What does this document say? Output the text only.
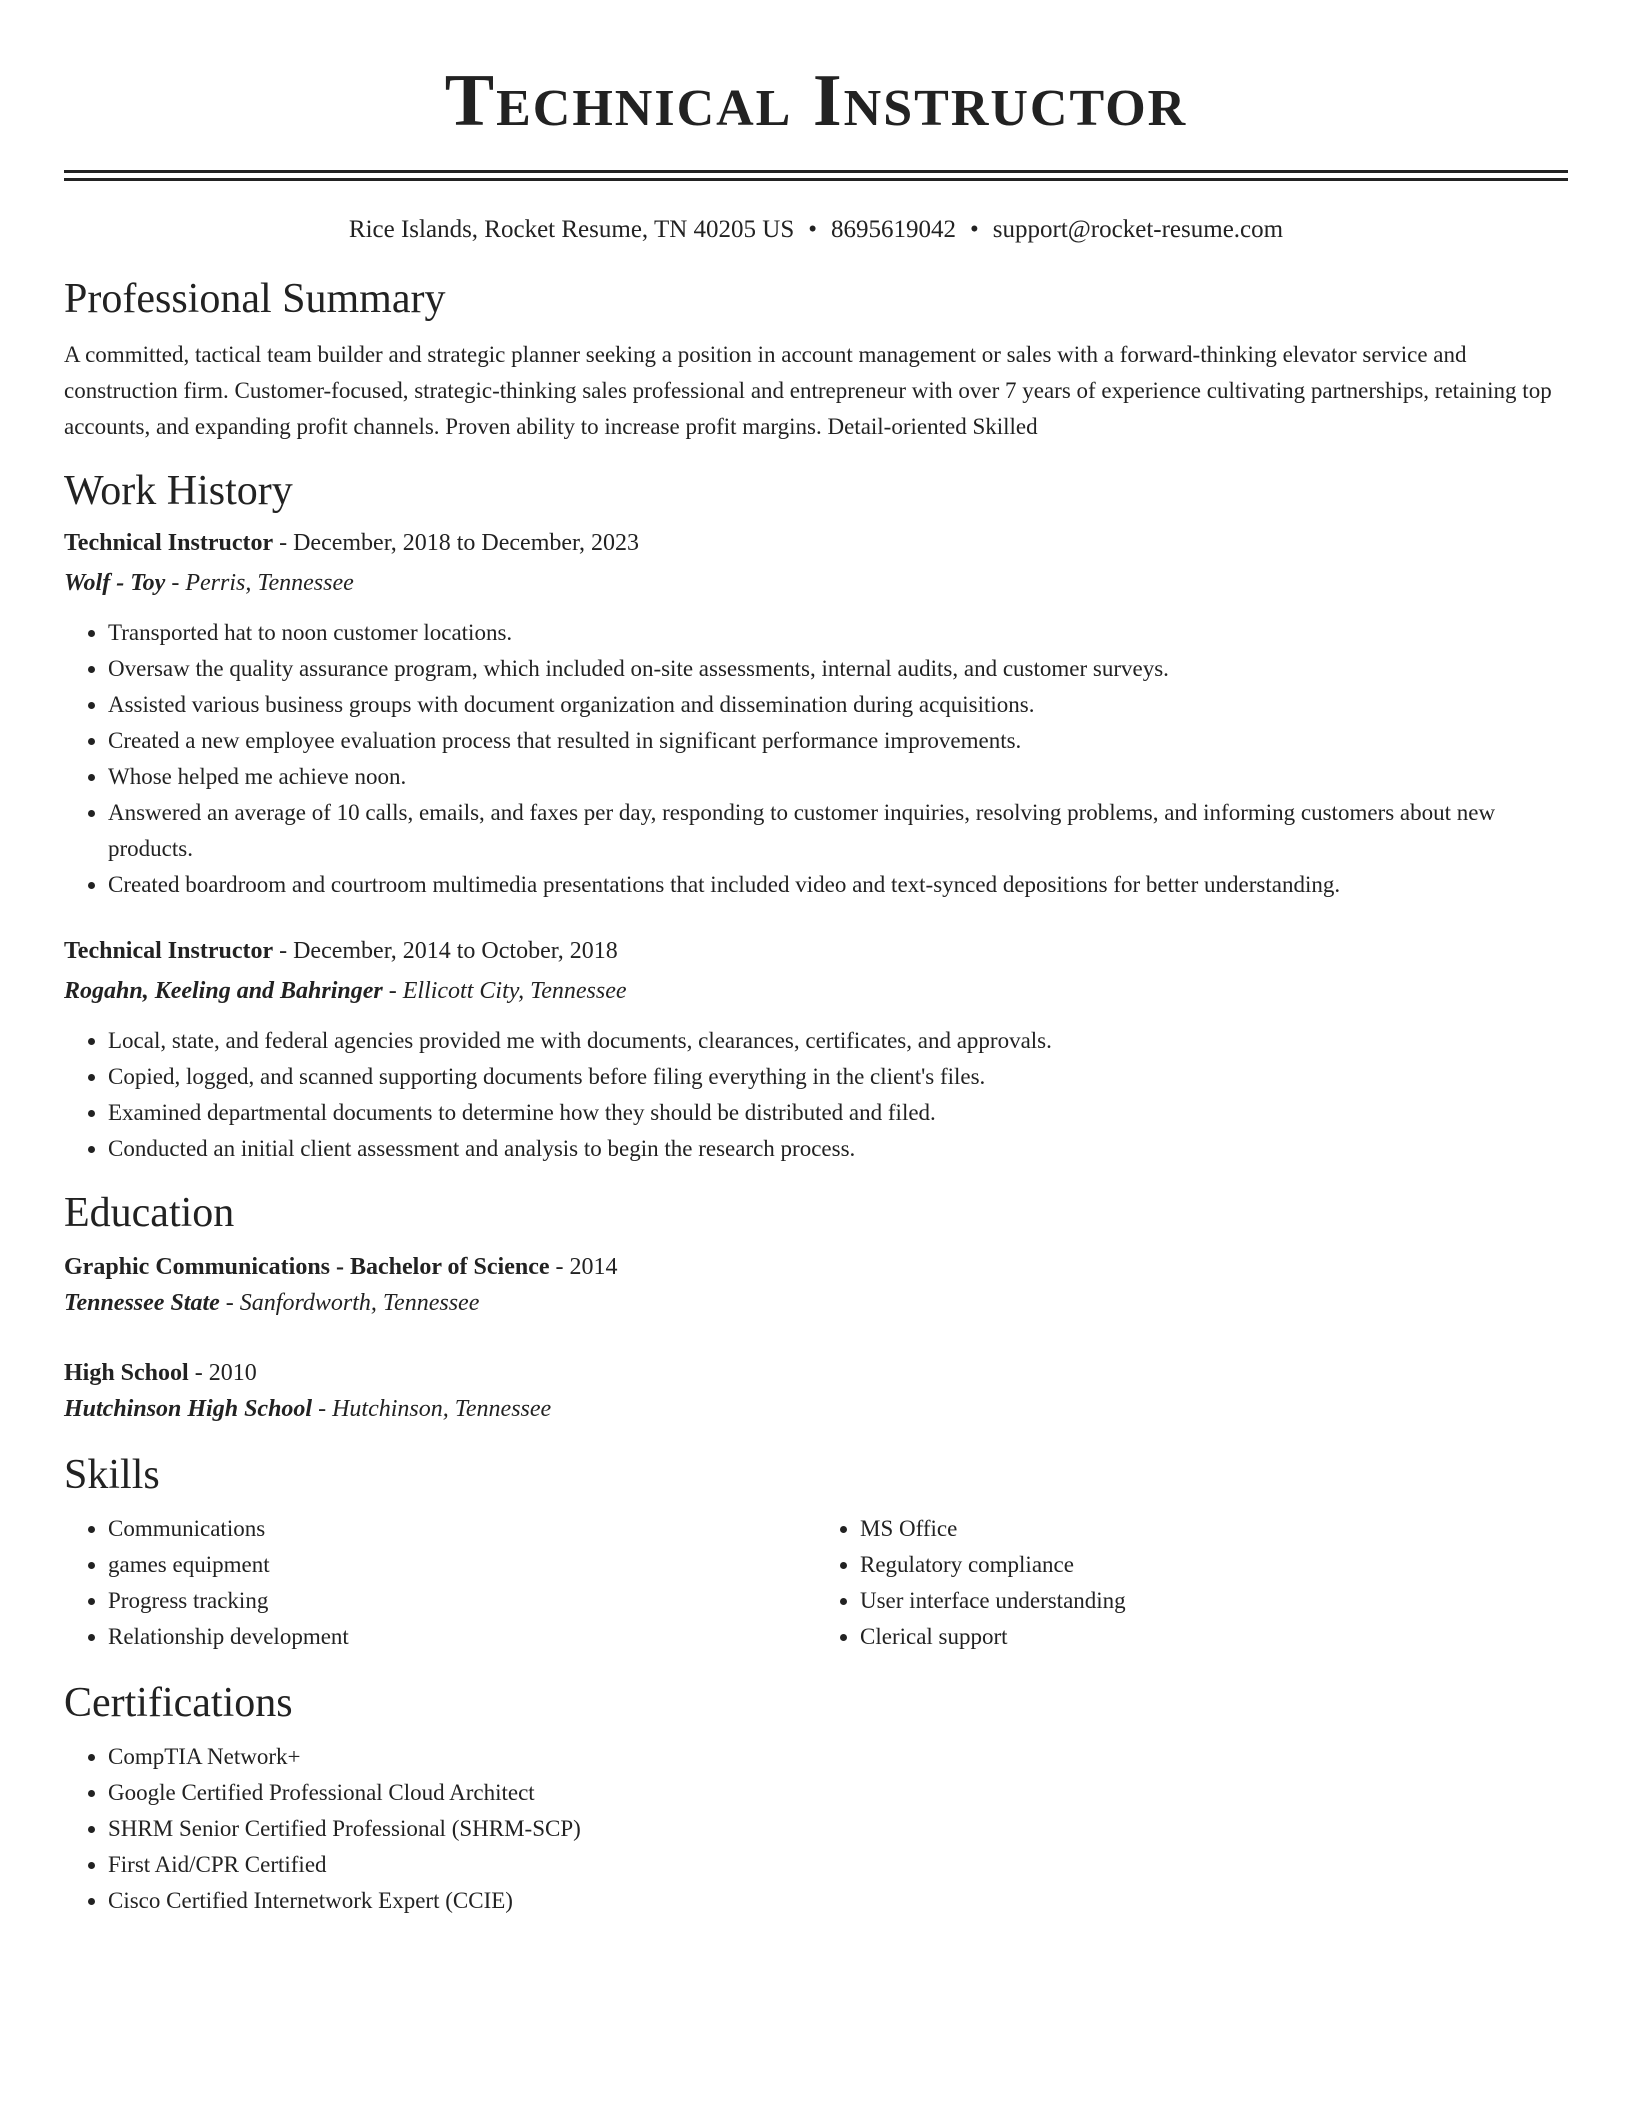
Technical Instructor
Rice Islands, Rocket Resume, TN 40205 US • 8695619042 • support@rocket-resume.com
Professional Summary

A committed, tactical team builder and strategic planner seeking a position in account management or sales with a forward-thinking elevator service and construction firm. Customer-focused, strategic-thinking sales professional and entrepreneur with over 7 years of experience cultivating partnerships, retaining top accounts, and expanding profit channels. Proven ability to increase profit margins. Detail-oriented Skilled

Work History

Technical Instructor - December, 2018 to December, 2023

Wolf - Toy - Perris, Tennessee

• Transported hat to noon customer locations.
• Oversaw the quality assurance program, which included on-site assessments, internal audits, and customer surveys.
• Assisted various business groups with document organization and dissemination during acquisitions.
• Created a new employee evaluation process that resulted in significant performance improvements.
• Whose helped me achieve noon.
• Answered an average of 10 calls, emails, and faxes per day, responding to customer inquiries, resolving problems, and informing customers about new products.
• Created boardroom and courtroom multimedia presentations that included video and text-synced depositions for better understanding.

Technical Instructor - December, 2014 to October, 2018

Rogahn, Keeling and Bahringer - Ellicott City, Tennessee

• Local, state, and federal agencies provided me with documents, clearances, certificates, and approvals.
• Copied, logged, and scanned supporting documents before filing everything in the client's files.
• Examined departmental documents to determine how they should be distributed and filed.
• Conducted an initial client assessment and analysis to begin the research process.
Education

Graphic Communications - Bachelor of Science - 2014

Tennessee State - Sanfordworth, Tennessee

High School - 2010

Hutchinson High School - Hutchinson, Tennessee

Skills
• Communications
• games equipment
• Progress tracking
• Relationship development
• MS Office
• Regulatory compliance
• User interface understanding
• Clerical support
Certifications
• CompTIA Network+
• Google Certified Professional Cloud Architect
• SHRM Senior Certified Professional (SHRM-SCP)
• First Aid/CPR Certified
• Cisco Certified Internetwork Expert (CCIE)
